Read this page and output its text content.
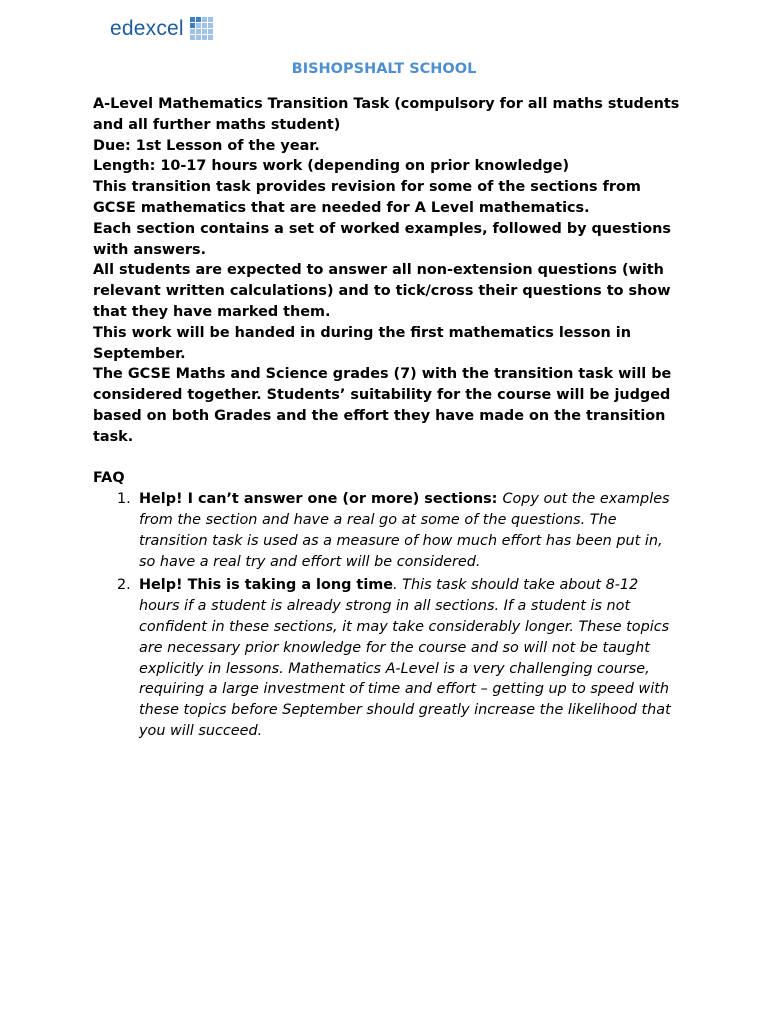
edexcel
BISHOPSHALT SCHOOL

A-Level Mathematics Transition Task (compulsory for all maths students and all further maths student)

Due: 1st Lesson of the year.

Length: 10-17 hours work (depending on prior knowledge)

This transition task provides revision for some of the sections from GCSE mathematics that are needed for A Level mathematics.

Each section contains a set of worked examples, followed by questions with answers.

All students are expected to answer all non-extension questions (with relevant written calculations) and to tick/cross their questions to show that they have marked them.

This work will be handed in during the first mathematics lesson in September.

The GCSE Maths and Science grades (7) with the transition task will be considered together. Students’ suitability for the course will be judged based on both Grades and the effort they have made on the transition task.

FAQ

1. Help! I can’t answer one (or more) sections: Copy out the examples from the section and have a real go at some of the questions. The transition task is used as a measure of how much effort has been put in, so have a real try and effort will be considered.
2. Help! This is taking a long time. This task should take about 8-12 hours if a student is already strong in all sections. If a student is not confident in these sections, it may take considerably longer. These topics are necessary prior knowledge for the course and so will not be taught explicitly in lessons. Mathematics A-Level is a very challenging course, requiring a large investment of time and effort – getting up to speed with these topics before September should greatly increase the likelihood that you will succeed.
